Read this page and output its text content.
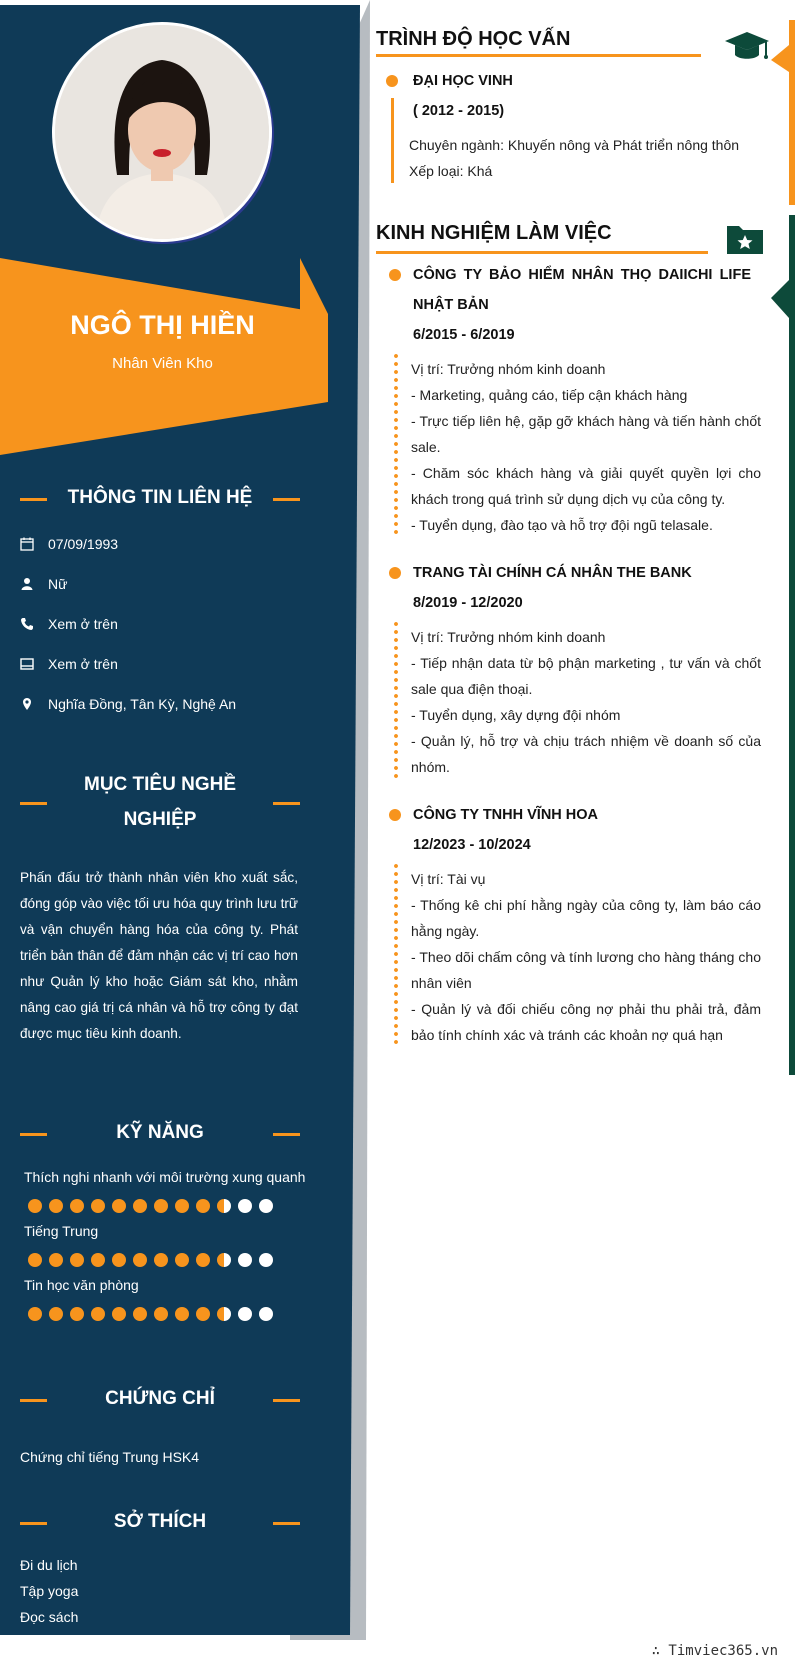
NGÔ THỊ HIỀN
Nhân Viên Kho
THÔNG TIN LIÊN HỆ
07/09/1993
Nữ
Xem ở trên
Xem ở trên
Nghĩa Đồng, Tân Kỳ, Nghệ An
MỤC TIÊU NGHỀ
NGHIỆP
Phấn đấu trở thành nhân viên kho xuất sắc, đóng góp vào việc tối ưu hóa quy trình lưu trữ và vận chuyển hàng hóa của công ty. Phát triển bản thân để đảm nhận các vị trí cao hơn như Quản lý kho hoặc Giám sát kho, nhằm nâng cao giá trị cá nhân và hỗ trợ công ty đạt được mục tiêu kinh doanh.
KỸ NĂNG
Thích nghi nhanh với môi trường xung quanh
Tiếng Trung
Tin học văn phòng
CHỨNG CHỈ
Chứng chỉ tiếng Trung HSK4
SỞ THÍCH
Đi du lịch
Tập yoga
Đọc sách
TRÌNH ĐỘ HỌC VẤN
ĐẠI HỌC VINH
( 2012 - 2015)
Chuyên ngành: Khuyến nông và Phát triển nông thôn
Xếp loại: Khá
KINH NGHIỆM LÀM VIỆC
CÔNG TY BẢO HIỂM NHÂN THỌ DAIICHI LIFE
NHẬT BẢN
6/2015 - 6/2019
Vị trí: Trưởng nhóm kinh doanh
- Marketing, quảng cáo, tiếp cận khách hàng
- Trực tiếp liên hệ, gặp gỡ khách hàng và tiến hành chốt sale.
- Chăm sóc khách hàng và giải quyết quyền lợi cho khách trong quá trình sử dụng dịch vụ của công ty.
- Tuyển dụng, đào tạo và hỗ trợ đội ngũ telasale.
TRANG TÀI CHÍNH CÁ NHÂN THE BANK
8/2019 - 12/2020
Vị trí: Trưởng nhóm kinh doanh
- Tiếp nhận data từ bộ phận marketing , tư vấn và chốt sale qua điện thoại.
- Tuyển dụng, xây dựng đội nhóm
- Quản lý, hỗ trợ và chịu trách nhiệm về doanh số của nhóm.
CÔNG TY TNHH VĨNH HOA
12/2023 - 10/2024
Vị trí: Tài vụ
- Thống kê chi phí hằng ngày của công ty, làm báo cáo hằng ngày.
- Theo dõi chấm công và tính lương cho hàng tháng cho nhân viên
- Quản lý và đối chiếu công nợ phải thu phải trả, đảm bảo tính chính xác và tránh các khoản nợ quá hạn
∴ Timviec365.vn
